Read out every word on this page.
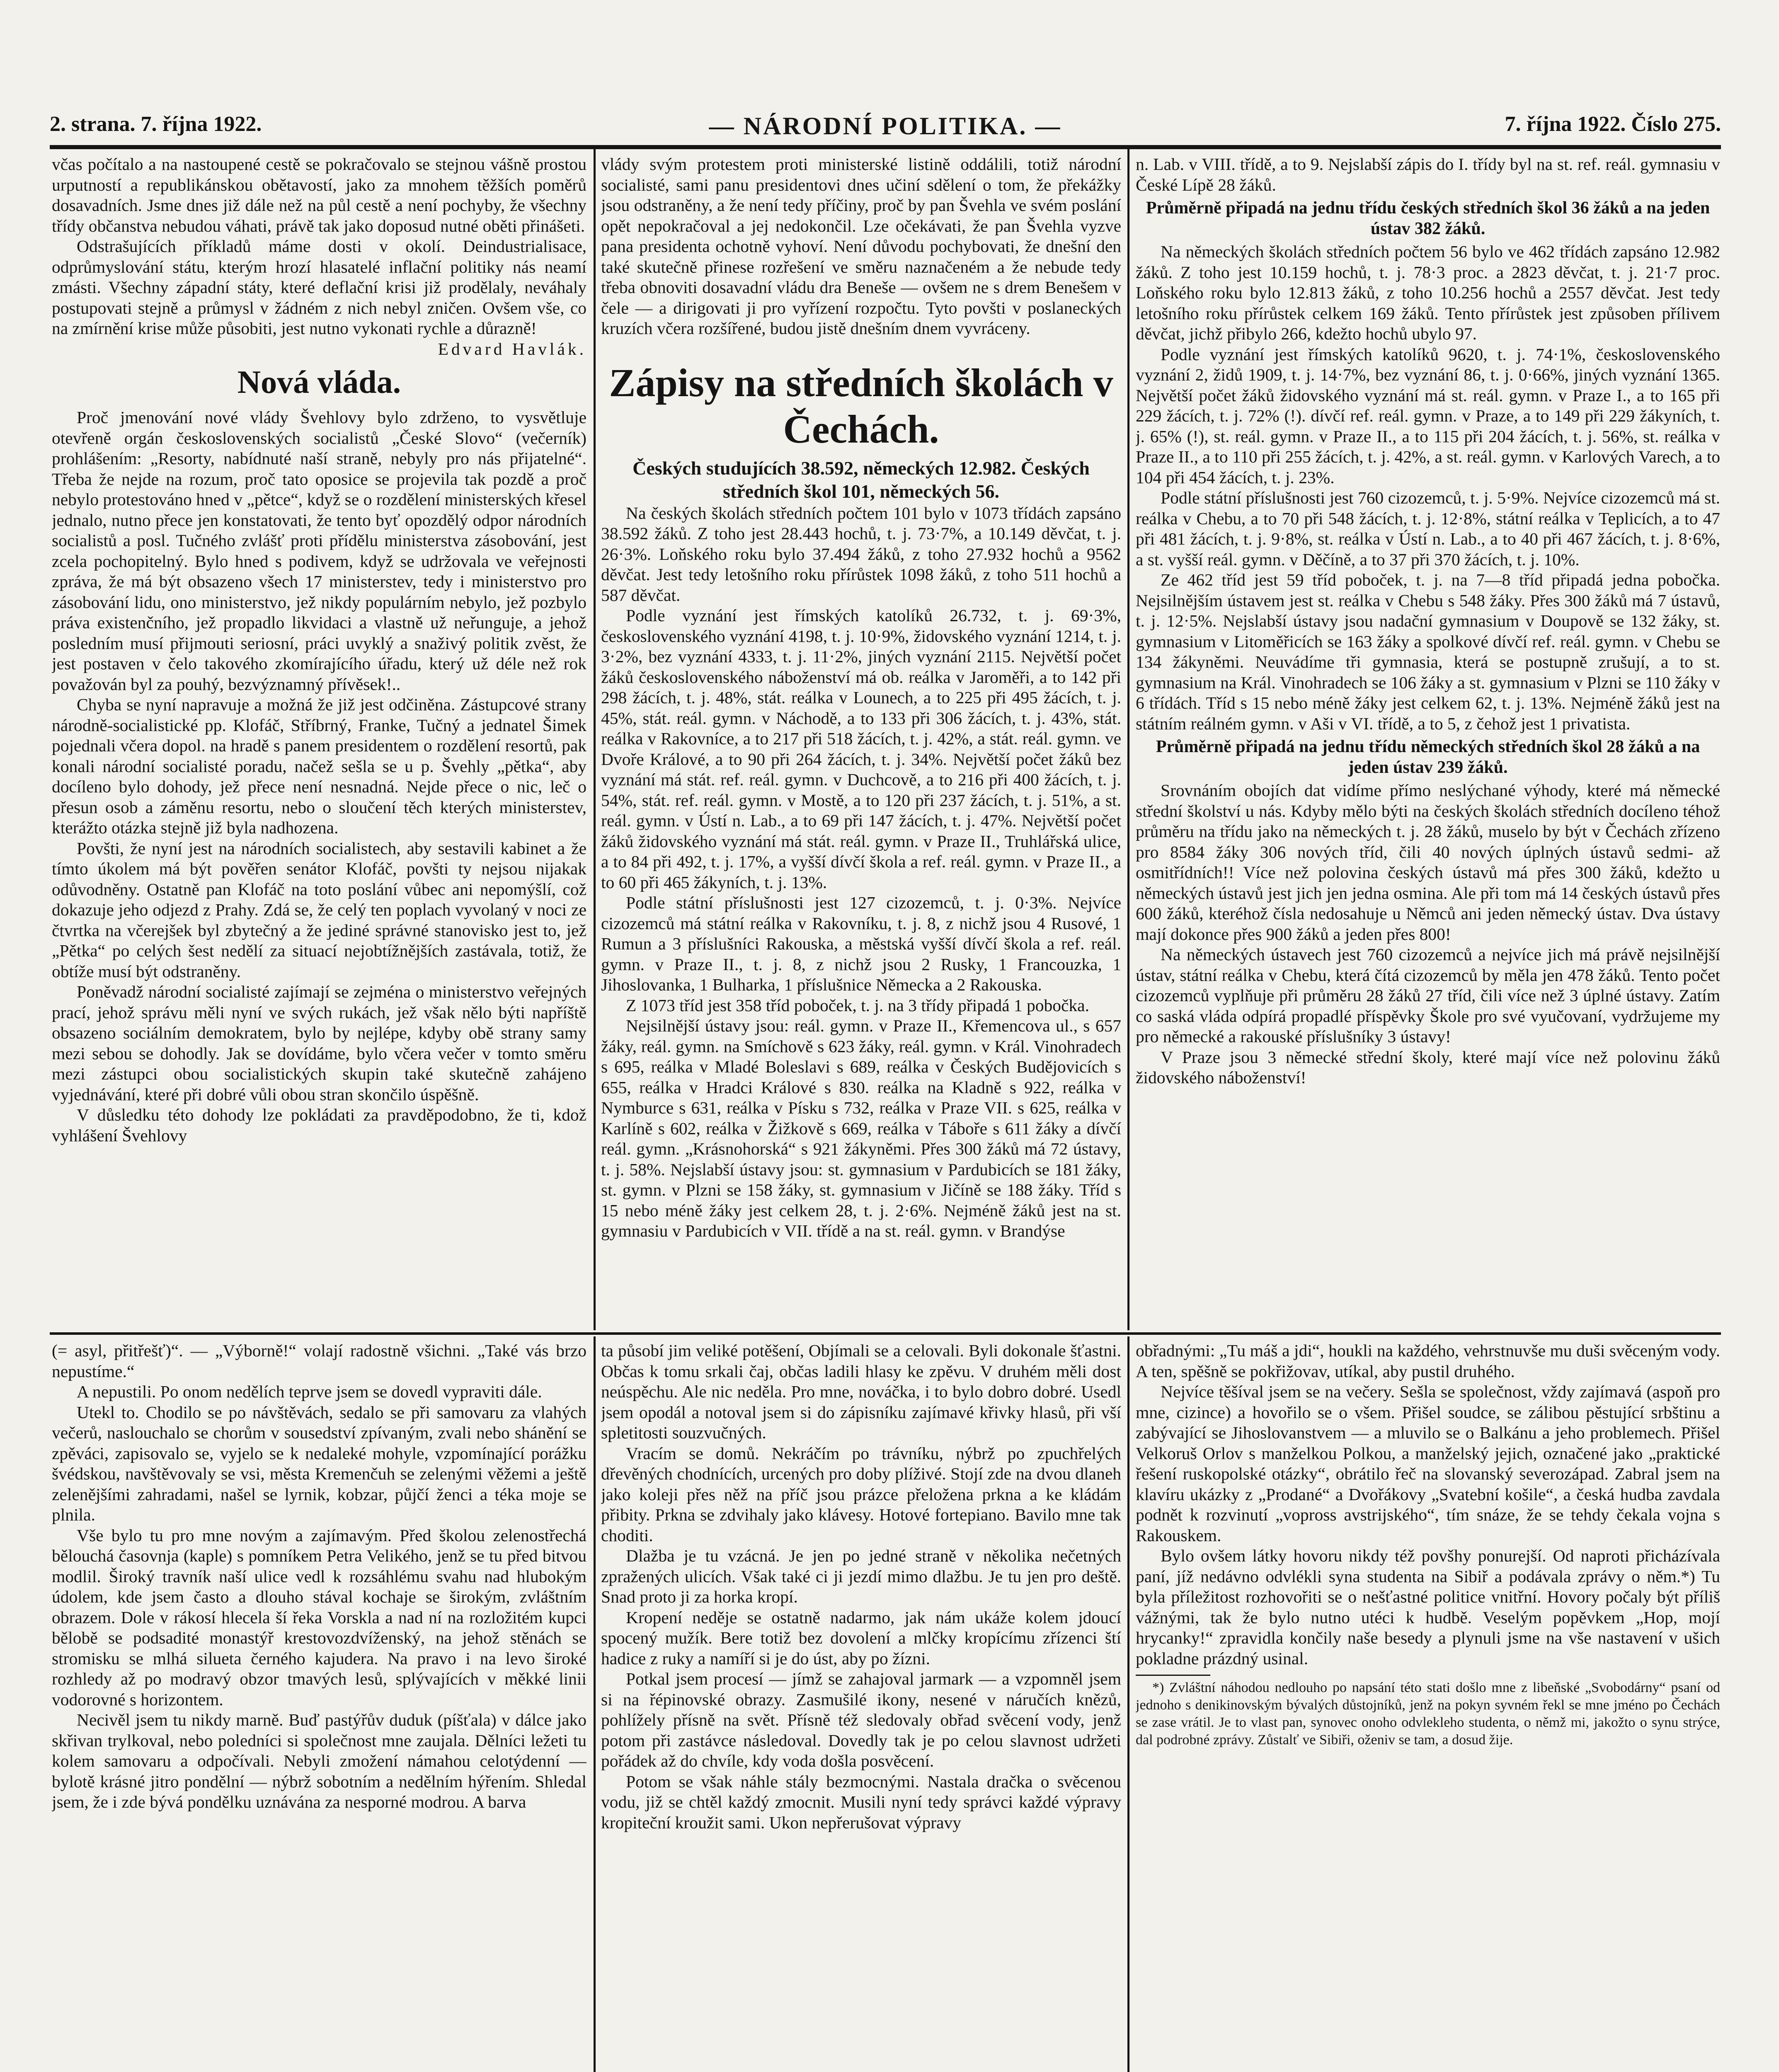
2. strana. 7. října 1922.	— NÁRODNÍ POLITIKA. —	7. října 1922. Číslo 275.

včas počítalo a na nastoupené cestě se pokračovalo se stejnou vášně prostou urputností a republikánskou obětavostí, jako za mnohem těžších poměrů dosavadních. Jsme dnes již dále než na půl cestě a není pochyby, že všechny třídy občanstva nebudou váhati, právě tak jako doposud nutné oběti přinášeti.

Odstrašujících příkladů máme dosti v okolí. Deindustrialisace, odprůmyslování státu, kterým hrozí hlasatelé inflační politiky nás neamí zmásti. Všechny západní státy, které deflační krisi již prodělaly, neváhaly postupovati stejně a průmysl v žádném z nich nebyl zničen. Ovšem vše, co na zmírnění krise může působiti, jest nutno vykonati rychle a důrazně!

Edvard Havlák.
Nová vláda.

Proč jmenování nové vlády Švehlovy bylo zdrženo, to vysvětluje otevřeně orgán československých socialistů „České Slovo“ (večerník) prohlášením: „Resorty, nabídnuté naší straně, nebyly pro nás přijatelné“. Třeba že nejde na rozum, proč tato oposice se projevila tak pozdě a proč nebylo protestováno hned v „pětce“, když se o rozdělení ministerských křesel jednalo, nutno přece jen konstatovati, že tento byť opozdělý odpor národních socialistů a posl. Tučného zvlášť proti přídělu ministerstva zásobování, jest zcela pochopitelný. Bylo hned s podivem, když se udržovala ve veřejnosti zpráva, že má být obsazeno všech 17 ministerstev, tedy i ministerstvo pro zásobování lidu, ono ministerstvo, jež nikdy populárním nebylo, jež pozbylo práva existenčního, jež propadlo likvidaci a vlastně už neřunguje, a jehož posledním musí přijmouti seriosní, práci uvyklý a snaživý politik zvěst, že jest postaven v čelo takového zkomírajícího úřadu, který už déle než rok považován byl za pouhý, bezvýznamný přívěsek!..

Chyba se nyní napravuje a možná že již jest odčiněna. Zástupcové strany národně-socialistické pp. Klofáč, Stříbrný, Franke, Tučný a jednatel Šimek pojednali včera dopol. na hradě s panem presidentem o rozdělení resortů, pak konali národní socialisté poradu, načež sešla se u p. Švehly „pětka“, aby docíleno bylo dohody, jež přece není nesnadná. Nejde přece o nic, leč o přesun osob a záměnu resortu, nebo o sloučení těch kterých ministerstev, kterážto otázka stejně již byla nadhozena.

Povšti, že nyní jest na národních socialistech, aby sestavili kabinet a že tímto úkolem má být pověřen senátor Klofáč, povšti ty nejsou nijakak odůvodněny. Ostatně pan Klofáč na toto poslání vůbec ani nepomýšlí, což dokazuje jeho odjezd z Prahy. Zdá se, že celý ten poplach vyvolaný v noci ze čtvrtka na včerejšek byl zbytečný a že jediné správné stanovisko jest to, jež „Pětka“ po celých šest nedělí za situací nejobtížnějších zastávala, totiž, že obtíže musí být odstraněny.

Poněvadž národní socialisté zajímají se zejména o ministerstvo veřejných prací, jehož správu měli nyní ve svých rukách, jež však nělo býti napříště obsazeno sociálním demokratem, bylo by nejlépe, kdyby obě strany samy mezi sebou se dohodly. Jak se dovídáme, bylo včera večer v tomto směru mezi zástupci obou socialistických skupin také skutečně zahájeno vyjednávání, které při dobré vůli obou stran skončilo úspěšně.

V důsledku této dohody lze pokládati za pravděpodobno, že ti, kdož vyhlášení Švehlovy

vlády svým protestem proti ministerské listině oddálili, totiž národní socialisté, sami panu presidentovi dnes učiní sdělení o tom, že překážky jsou odstraněny, a že není tedy příčiny, proč by pan Švehla ve svém poslání opět nepokračoval a jej nedokončil. Lze očekávati, že pan Švehla vyzve pana presidenta ochotně vyhoví. Není důvodu pochybovati, že dnešní den také skutečně přinese rozřešení ve směru naznačeném a že nebude tedy třeba obnoviti dosavadní vládu dra Beneše — ovšem ne s drem Benešem v čele — a dirigovati ji pro vyřízení rozpočtu. Tyto povšti v poslaneckých kruzích včera rozšířené, budou jistě dnešním dnem vyvráceny.

Zápisy na středních školách v Čechách.
Českých studujících 38.592, německých 12.982. Českých středních škol 101, německých 56.

Na českých školách středních počtem 101 bylo v 1073 třídách zapsáno 38.592 žáků. Z toho jest 28.443 hochů, t. j. 73·7%, a 10.149 děvčat, t. j. 26·3%. Loňského roku bylo 37.494 žáků, z toho 27.932 hochů a 9562 děvčat. Jest tedy letošního roku přírůstek 1098 žáků, z toho 511 hochů a 587 děvčat.

Podle vyznání jest římských katolíků 26.732, t. j. 69·3%, československého vyznání 4198, t. j. 10·9%, židovského vyznání 1214, t. j. 3·2%, bez vyznání 4333, t. j. 11·2%, jiných vyznání 2115. Největší počet žáků československého náboženství má ob. reálka v Jaroměři, a to 142 při 298 žácích, t. j. 48%, stát. reálka v Lounech, a to 225 při 495 žácích, t. j. 45%, stát. reál. gymn. v Náchodě, a to 133 při 306 žácích, t. j. 43%, stát. reálka v Rakovníce, a to 217 při 518 žácích, t. j. 42%, a stát. reál. gymn. ve Dvoře Králové, a to 90 při 264 žácích, t. j. 34%. Největší počet žáků bez vyznání má stát. ref. reál. gymn. v Duchcově, a to 216 při 400 žácích, t. j. 54%, stát. ref. reál. gymn. v Mostě, a to 120 při 237 žácích, t. j. 51%, a st. reál. gymn. v Ústí n. Lab., a to 69 při 147 žácích, t. j. 47%. Největší počet žáků židovského vyznání má stát. reál. gymn. v Praze II., Truhlářská ulice, a to 84 při 492, t. j. 17%, a vyšší dívčí škola a ref. reál. gymn. v Praze II., a to 60 při 465 žákyních, t. j. 13%.

Podle státní příslušnosti jest 127 cizozemců, t. j. 0·3%. Nejvíce cizozemců má státní reálka v Rakovníku, t. j. 8, z nichž jsou 4 Rusové, 1 Rumun a 3 příslušníci Rakouska, a městská vyšší dívčí škola a ref. reál. gymn. v Praze II., t. j. 8, z nichž jsou 2 Rusky, 1 Francouzka, 1 Jihoslovanka, 1 Bulharka, 1 příslušnice Německa a 2 Rakouska.

Z 1073 tříd jest 358 tříd poboček, t. j. na 3 třídy připadá 1 pobočka.

Nejsilnější ústavy jsou: reál. gymn. v Praze II., Křemencova ul., s 657 žáky, reál. gymn. na Smíchově s 623 žáky, reál. gymn. v Král. Vinohradech s 695, reálka v Mladé Boleslavi s 689, reálka v Českých Budějovicích s 655, reálka v Hradci Králové s 830. reálka na Kladně s 922, reálka v Nymburce s 631, reálka v Písku s 732, reálka v Praze VII. s 625, reálka v Karlíně s 602, reálka v Žižkově s 669, reálka v Táboře s 611 žáky a dívčí reál. gymn. „Krásnohorská“ s 921 žákyněmi. Přes 300 žáků má 72 ústavy, t. j. 58%. Nejslabší ústavy jsou: st. gymnasium v Pardubicích se 181 žáky, st. gymn. v Plzni se 158 žáky, st. gymnasium v Jičíně se 188 žáky. Tříd s 15 nebo méně žáky jest celkem 28, t. j. 2·6%. Nejméně žáků jest na st. gymnasiu v Pardubicích v VII. třídě a na st. reál. gymn. v Brandýse

n. Lab. v VIII. třídě, a to 9. Nejslabší zápis do I. třídy byl na st. ref. reál. gymnasiu v České Lípě 28 žáků.

Průměrně připadá na jednu třídu českých středních škol 36 žáků a na jeden ústav 382 žáků.

Na německých školách středních počtem 56 bylo ve 462 třídách zapsáno 12.982 žáků. Z toho jest 10.159 hochů, t. j. 78·3 proc. a 2823 děvčat, t. j. 21·7 proc. Loňského roku bylo 12.813 žáků, z toho 10.256 hochů a 2557 děvčat. Jest tedy letošního roku přírůstek celkem 169 žáků. Tento přírůstek jest způsoben přílivem děvčat, jichž přibylo 266, kdežto hochů ubylo 97.

Podle vyznání jest římských katolíků 9620, t. j. 74·1%, československého vyznání 2, židů 1909, t. j. 14·7%, bez vyznání 86, t. j. 0·66%, jiných vyznání 1365. Největší počet žáků židovského vyznání má st. reál. gymn. v Praze I., a to 165 při 229 žácích, t. j. 72% (!). dívčí ref. reál. gymn. v Praze, a to 149 při 229 žákyních, t. j. 65% (!), st. reál. gymn. v Praze II., a to 115 při 204 žácích, t. j. 56%, st. reálka v Praze II., a to 110 při 255 žácích, t. j. 42%, a st. reál. gymn. v Karlových Varech, a to 104 při 454 žácích, t. j. 23%.

Podle státní příslušnosti jest 760 cizozemců, t. j. 5·9%. Nejvíce cizozemců má st. reálka v Chebu, a to 70 při 548 žácích, t. j. 12·8%, státní reálka v Teplicích, a to 47 při 481 žácích, t. j. 9·8%, st. reálka v Ústí n. Lab., a to 40 při 467 žácích, t. j. 8·6%, a st. vyšší reál. gymn. v Děčíně, a to 37 při 370 žácích, t. j. 10%.

Ze 462 tříd jest 59 tříd poboček, t. j. na 7—8 tříd připadá jedna pobočka. Nejsilnějším ústavem jest st. reálka v Chebu s 548 žáky. Přes 300 žáků má 7 ústavů, t. j. 12·5%. Nejslabší ústavy jsou nadační gymnasium v Doupově se 132 žáky, st. gymnasium v Litoměřicích se 163 žáky a spolkové dívčí ref. reál. gymn. v Chebu se 134 žákyněmi. Neuvádíme tři gymnasia, která se postupně zrušují, a to st. gymnasium na Král. Vinohradech se 106 žáky a st. gymnasium v Plzni se 110 žáky v 6 třídách. Tříd s 15 nebo méně žáky jest celkem 62, t. j. 13%. Nejméně žáků jest na státním reálném gymn. v Aši v VI. třídě, a to 5, z čehož jest 1 privatista.

Průměrně připadá na jednu třídu německých středních škol 28 žáků a na jeden ústav 239 žáků.

Srovnáním obojích dat vidíme přímo neslýchané výhody, které má německé střední školství u nás. Kdyby mělo býti na českých školách středních docíleno téhož průměru na třídu jako na německých t. j. 28 žáků, muselo by být v Čechách zřízeno pro 8584 žáky 306 nových tříd, čili 40 nových úplných ústavů sedmi- až osmitřídních!! Více než polovina českých ústavů má přes 300 žáků, kdežto u německých ústavů jest jich jen jedna osmina. Ale při tom má 14 českých ústavů přes 600 žáků, kteréhož čísla nedosahuje u Němců ani jeden německý ústav. Dva ústavy mají dokonce přes 900 žáků a jeden přes 800!

Na německých ústavech jest 760 cizozemců a nejvíce jich má právě nejsilnější ústav, státní reálka v Chebu, která čítá cizozemců by měla jen 478 žáků. Tento počet cizozemců vyplňuje při průměru 28 žáků 27 tříd, čili více než 3 úplné ústavy. Zatím co saská vláda odpírá propadlé příspěvky Škole pro své vyučovaní, vydržujeme my pro německé a rakouské příslušníky 3 ústavy!

V Praze jsou 3 německé střední školy, které mají více než polovinu žáků židovského náboženství!

(= asyl, přitřešť)“. — „Výborně!“ volají radostně všichni. „Také vás brzo nepustíme.“

A nepustili. Po onom nedělích teprve jsem se dovedl vypraviti dále.

Utekl to. Chodilo se po návštěvách, sedalo se při samovaru za vlahých večerů, naslouchalo se chorům v sousedství zpívaným, zvali nebo shánění se zpěváci, zapisovalo se, vyjelo se k nedaleké mohyle, vzpomínající porážku švédskou, navštěvovaly se vsi, města Kremenčuh se zelenými věžemi a ještě zelenějšími zahradami, našel se lyrnik, kobzar, půjčí ženci a téka moje se plnila.

Vše bylo tu pro mne novým a zajímavým. Před školou zelenostřechá bělouchá časovnja (kaple) s pomníkem Petra Velikého, jenž se tu před bitvou modlil. Široký travník naší ulice vedl k rozsáhlému svahu nad hlubokým údolem, kde jsem často a dlouho stával kochaje se širokým, zvláštním obrazem. Dole v rákosí hlecela ší řeka Vorskla a nad ní na rozložitém kupci bělobě se podsadité monastýř krestovozdvíženský, na jehož stěnách se stromisku se mlhá silueta černého kajudera. Na pravo i na levo široké rozhledy až po modravý obzor tmavých lesů, splývajících v měkké linii vodorovné s horizontem.

Necivěl jsem tu nikdy marně. Buď pastýřův duduk (píšťala) v dálce jako skřivan trylkoval, nebo poledníci si společnost mne zaujala. Dělníci ležeti tu kolem samovaru a odpočívali. Nebyli zmožení námahou celotýdenní — bylotě krásné jitro pondělní — nýbrž sobotním a nedělním hýřením. Shledal jsem, že i zde bývá pondělku uznávána za nesporné modrou. A barva

ta působí jim veliké potěšení, Objímali se a celovali. Byli dokonale šťastni. Občas k tomu srkali čaj, občas ladili hlasy ke zpěvu. V druhém měli dost neúspěchu. Ale nic neděla. Pro mne, nováčka, i to bylo dobro dobré. Usedl jsem opodál a notoval jsem si do zápisníku zajímavé křivky hlasů, při vší spletitosti souzvučných.

Vracím se domů. Nekráčím po trávníku, nýbrž po zpuchřelých dřevěných chodnících, urcených pro doby plíživé. Stojí zde na dvou dlaneh jako koleji přes něž na příč jsou prázce přeložena prkna a ke kládám přibity. Prkna se zdvihaly jako klávesy. Hotové fortepiano. Bavilo mne tak choditi.

Dlažba je tu vzácná. Je jen po jedné straně v několika nečetných zpražených ulicích. Však také ci ji jezdí mimo dlažbu. Je tu jen pro deště. Snad proto ji za horka kropí.

Kropení neděje se ostatně nadarmo, jak nám ukáže kolem jdoucí spocený mužík. Bere totiž bez dovolení a mlčky kropícímu zřízenci ští hadice z ruky a namíří si je do úst, aby po žízni.

Potkal jsem procesí — jímž se zahajoval jarmark — a vzpomněl jsem si na řépinovské obrazy. Zasmušilé ikony, nesené v náručích knězů, pohlížely přísně na svět. Přísně též sledovaly obřad svěcení vody, jenž potom při zastávce následoval. Dovedly tak je po celou slavnost udržeti pořádek až do chvíle, kdy voda došla posvěcení.

Potom se však náhle stály bezmocnými. Nastala dračka o svěcenou vodu, již se chtěl každý zmocnit. Musili nyní tedy správci každé výpravy kropiteční kroužit sami. Ukon nepřerušovat výpravy

obřadnými: „Tu máš a jdi“, houkli na každého, vehrstnuvše mu duši svěceným vody. A ten, spěšně se pokřižovav, utíkal, aby pustil druhého.

Nejvíce těšíval jsem se na večery. Sešla se společnost, vždy zajímavá (aspoň pro mne, cizince) a hovořilo se o všem. Přišel soudce, se zálibou pěstující srbštinu a zabývající se Jihoslovanstvem — a mluvilo se o Balkánu a jeho problemech. Přišel Velkoruš Orlov s manželkou Polkou, a manželský jejich, označené jako „praktické řešení ruskopolské otázky“, obrátilo řeč na slovanský severozápad. Zabral jsem na klavíru ukázky z „Prodané“ a Dvořákovy „Svatební košile“, a česká hudba zavdala podnět k rozvinutí „vopross avstrijského“, tím snáze, že se tehdy čekala vojna s Rakouskem.

Bylo ovšem látky hovoru nikdy též povšhy ponurejší. Od naproti přicházívala paní, jíž nedávno odvlékli syna studenta na Sibiř a podávala zprávy o něm.*) Tu byla příležitost rozhovořiti se o nešťastné politice vnitřní. Hovory počaly být příliš vážnými, tak že bylo nutno utéci k hudbě. Veselým popěvkem „Hop, mojí hrycanky!“ zpravidla končily naše besedy a plynuli jsme na vše nastavení v ušich pokladne prázdný usinal.

*) Zvláštní náhodou nedlouho po napsání této stati došlo mne z libeňské „Svobodárny“ psaní od jednoho s denikinovským bývalých důstojníků, jenž na pokyn syvném řekl se mne jméno po Čechách se zase vrátil. Je to vlast pan, synovec onoho odvlekleho studenta, o němž mi, jakožto o synu strýce, dal podrobné zprávy. Zůstalť ve Sibiři, oženiv se tam, a dosud žije.
